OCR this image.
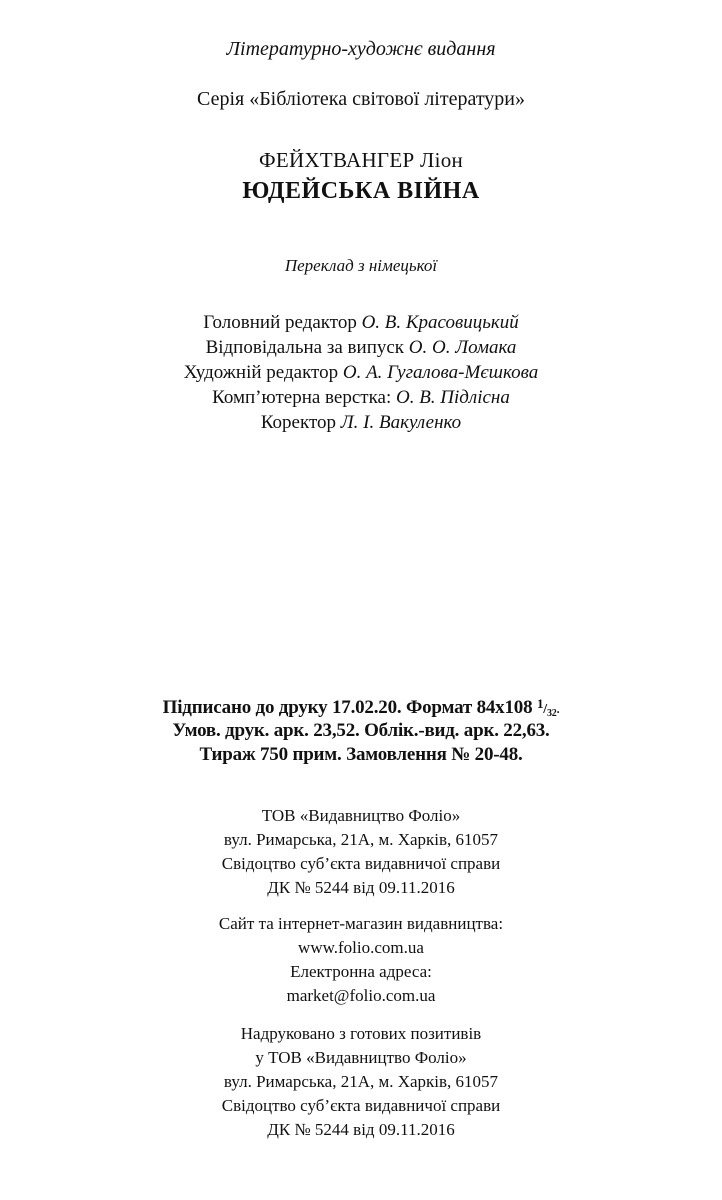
Літературно-художнє видання
Серія «Бібліотека світової літератури»
ФЕЙХТВАНГЕР Ліон
ЮДЕЙСЬКА ВІЙНА
Переклад з німецької
Головний редактор О. В. Красовицький
Відповідальна за випуск О. О. Ломака
Художній редактор О. А. Гугалова-Мєшкова
Комп’ютерна верстка: О. В. Підлісна
Коректор Л. І. Вакуленко
Підписано до друку 17.02.20. Формат 84х108 $^1$/32.
Умов. друк. арк. 23,52. Облік.-вид. арк. 22,63.
Тираж 750 прим. Замовлення № 20-48.
ТОВ «Видавництво Фоліо»
вул. Римарська, 21А, м. Харків, 61057
Свідоцтво суб’єкта видавничої справи
ДК № 5244 від 09.11.2016
Сайт та інтернет-магазин видавництва:
www.folio.com.ua
Електронна адреса:
market@folio.com.ua
Надруковано з готових позитивів
у ТОВ «Видавництво Фоліо»
вул. Римарська, 21А, м. Харків, 61057
Свідоцтво суб’єкта видавничої справи
ДК № 5244 від 09.11.2016
